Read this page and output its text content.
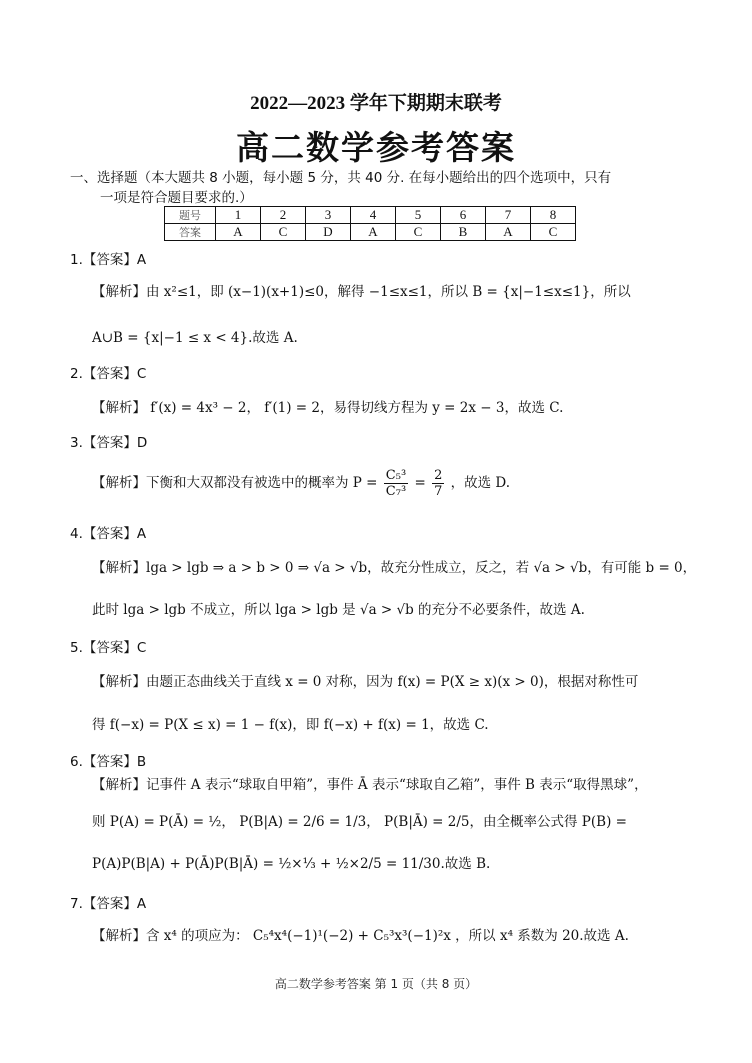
2022—2023 学年下期期末联考
高二数学参考答案
一、选择题（本大题共 8 小题，每小题 5 分，共 40 分. 在每小题给出的四个选项中，只有
一项是符合题目要求的.）
题号	1	2	3	4	5	6	7	8
答案	A	C	D	A	C	B	A	C
1.【答案】A
【解析】由 x²≤1，即 (x−1)(x+1)≤0，解得 −1≤x≤1，所以 B = {x|−1≤x≤1}，所以
A∪B = {x|−1 ≤ x < 4}.故选 A.
2.【答案】C
【解析】 f′(x) = 4x³ − 2， f′(1) = 2，易得切线方程为 y = 2x − 3，故选 C.
3.【答案】D
【解析】下衡和大双都没有被选中的概率为 $P = \frac{\text{C₅³}}{\text{C₇³}} = \frac{2}{7}$ ，故选 D.
4.【答案】A
【解析】lga > lgb ⇒ a > b > 0 ⇒ √a > √b，故充分性成立，反之，若 √a > √b，有可能 b = 0，
此时 lga > lgb 不成立，所以 lga > lgb 是 √a > √b 的充分不必要条件，故选 A.
5.【答案】C
【解析】由题正态曲线关于直线 x = 0 对称，因为 f(x) = P(X ≥ x)(x > 0)，根据对称性可
得 f(−x) = P(X ≤ x) = 1 − f(x)，即 f(−x) + f(x) = 1，故选 C.
6.【答案】B
【解析】记事件 A 表示“球取自甲箱”，事件 Ā 表示“球取自乙箱”，事件 B 表示“取得黑球”，
则 P(A) = P(Ā) = ½， P(B|A) = 2/6 = 1/3， P(B|Ā) = 2/5，由全概率公式得 P(B) =
P(A)P(B|A) + P(Ā)P(B|Ā) = ½×⅓ + ½×2/5 = 11/30.故选 B.
7.【答案】A
【解析】含 x⁴ 的项应为： C₅⁴x⁴(−1)¹(−2) + C₅³x³(−1)²x ，所以 x⁴ 系数为 20.故选 A.
高二数学参考答案 第 1 页（共 8 页）
